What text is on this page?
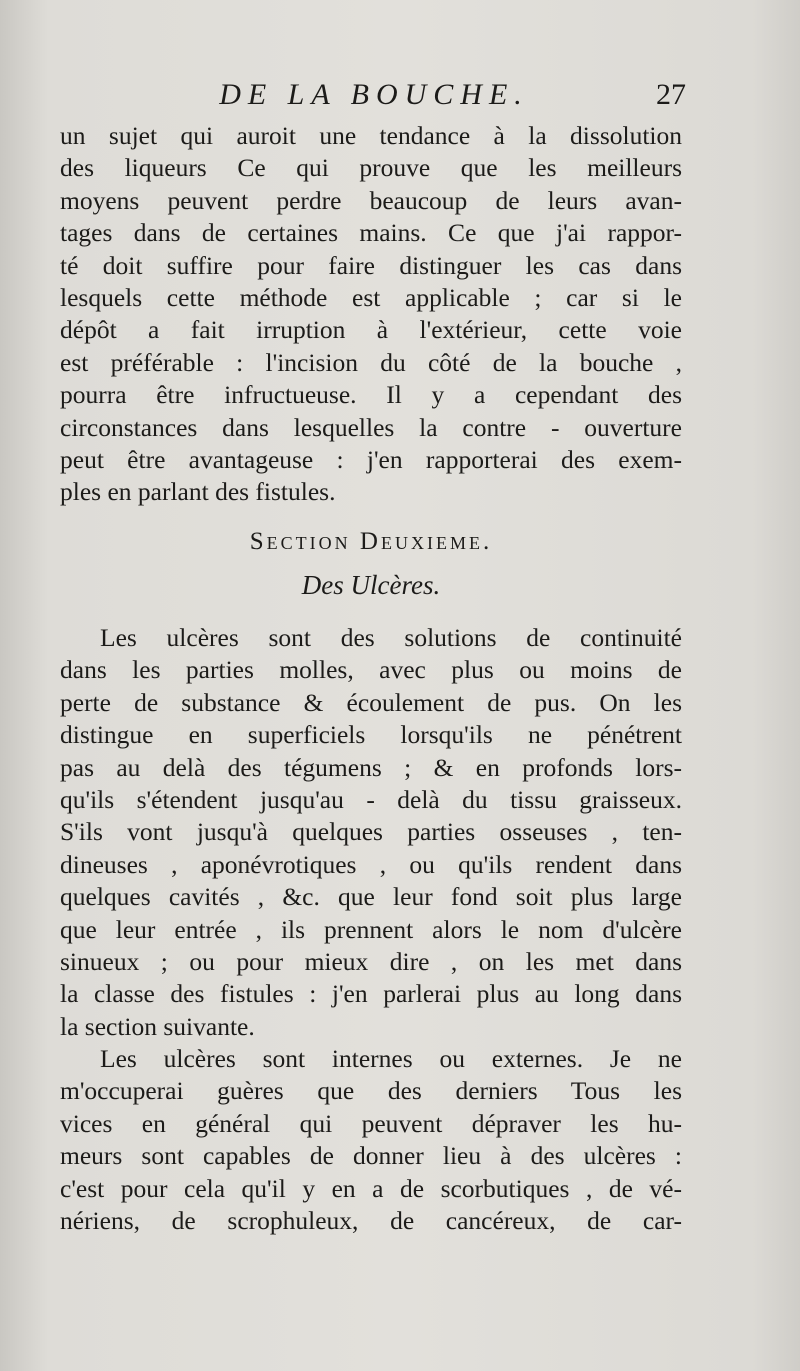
DE LA BOUCHE.	27
un sujet qui auroit une tendance à la dissolution
des liqueurs Ce qui prouve que les meilleurs
moyens peuvent perdre beaucoup de leurs avan-
tages dans de certaines mains. Ce que j'ai rappor-
té doit suffire pour faire distinguer les cas dans
lesquels cette méthode est applicable ; car si le
dépôt a fait irruption à l'extérieur, cette voie
est préférable : l'incision du côté de la bouche ,
pourra être infructueuse. Il y a cependant des
circonstances dans lesquelles la contre - ouverture
peut être avantageuse : j'en rapporterai des exem-
ples en parlant des fistules.
Section Deuxieme.
Des Ulcères.
Les ulcères sont des solutions de continuité
dans les parties molles, avec plus ou moins de
perte de substance & écoulement de pus. On les
distingue en superficiels lorsqu'ils ne pénétrent
pas au delà des tégumens ; & en profonds lors-
qu'ils s'étendent jusqu'au - delà du tissu graisseux.
S'ils vont jusqu'à quelques parties osseuses , ten-
dineuses , aponévrotiques , ou qu'ils rendent dans
quelques cavités , &c. que leur fond soit plus large
que leur entrée , ils prennent alors le nom d'ulcère
sinueux ; ou pour mieux dire , on les met dans
la classe des fistules : j'en parlerai plus au long dans
la section suivante.
Les ulcères sont internes ou externes. Je ne
m'occuperai guères que des derniers Tous les
vices en général qui peuvent dépraver les hu-
meurs sont capables de donner lieu à des ulcères :
c'est pour cela qu'il y en a de scorbutiques , de vé-
nériens, de scrophuleux, de cancéreux, de car-
